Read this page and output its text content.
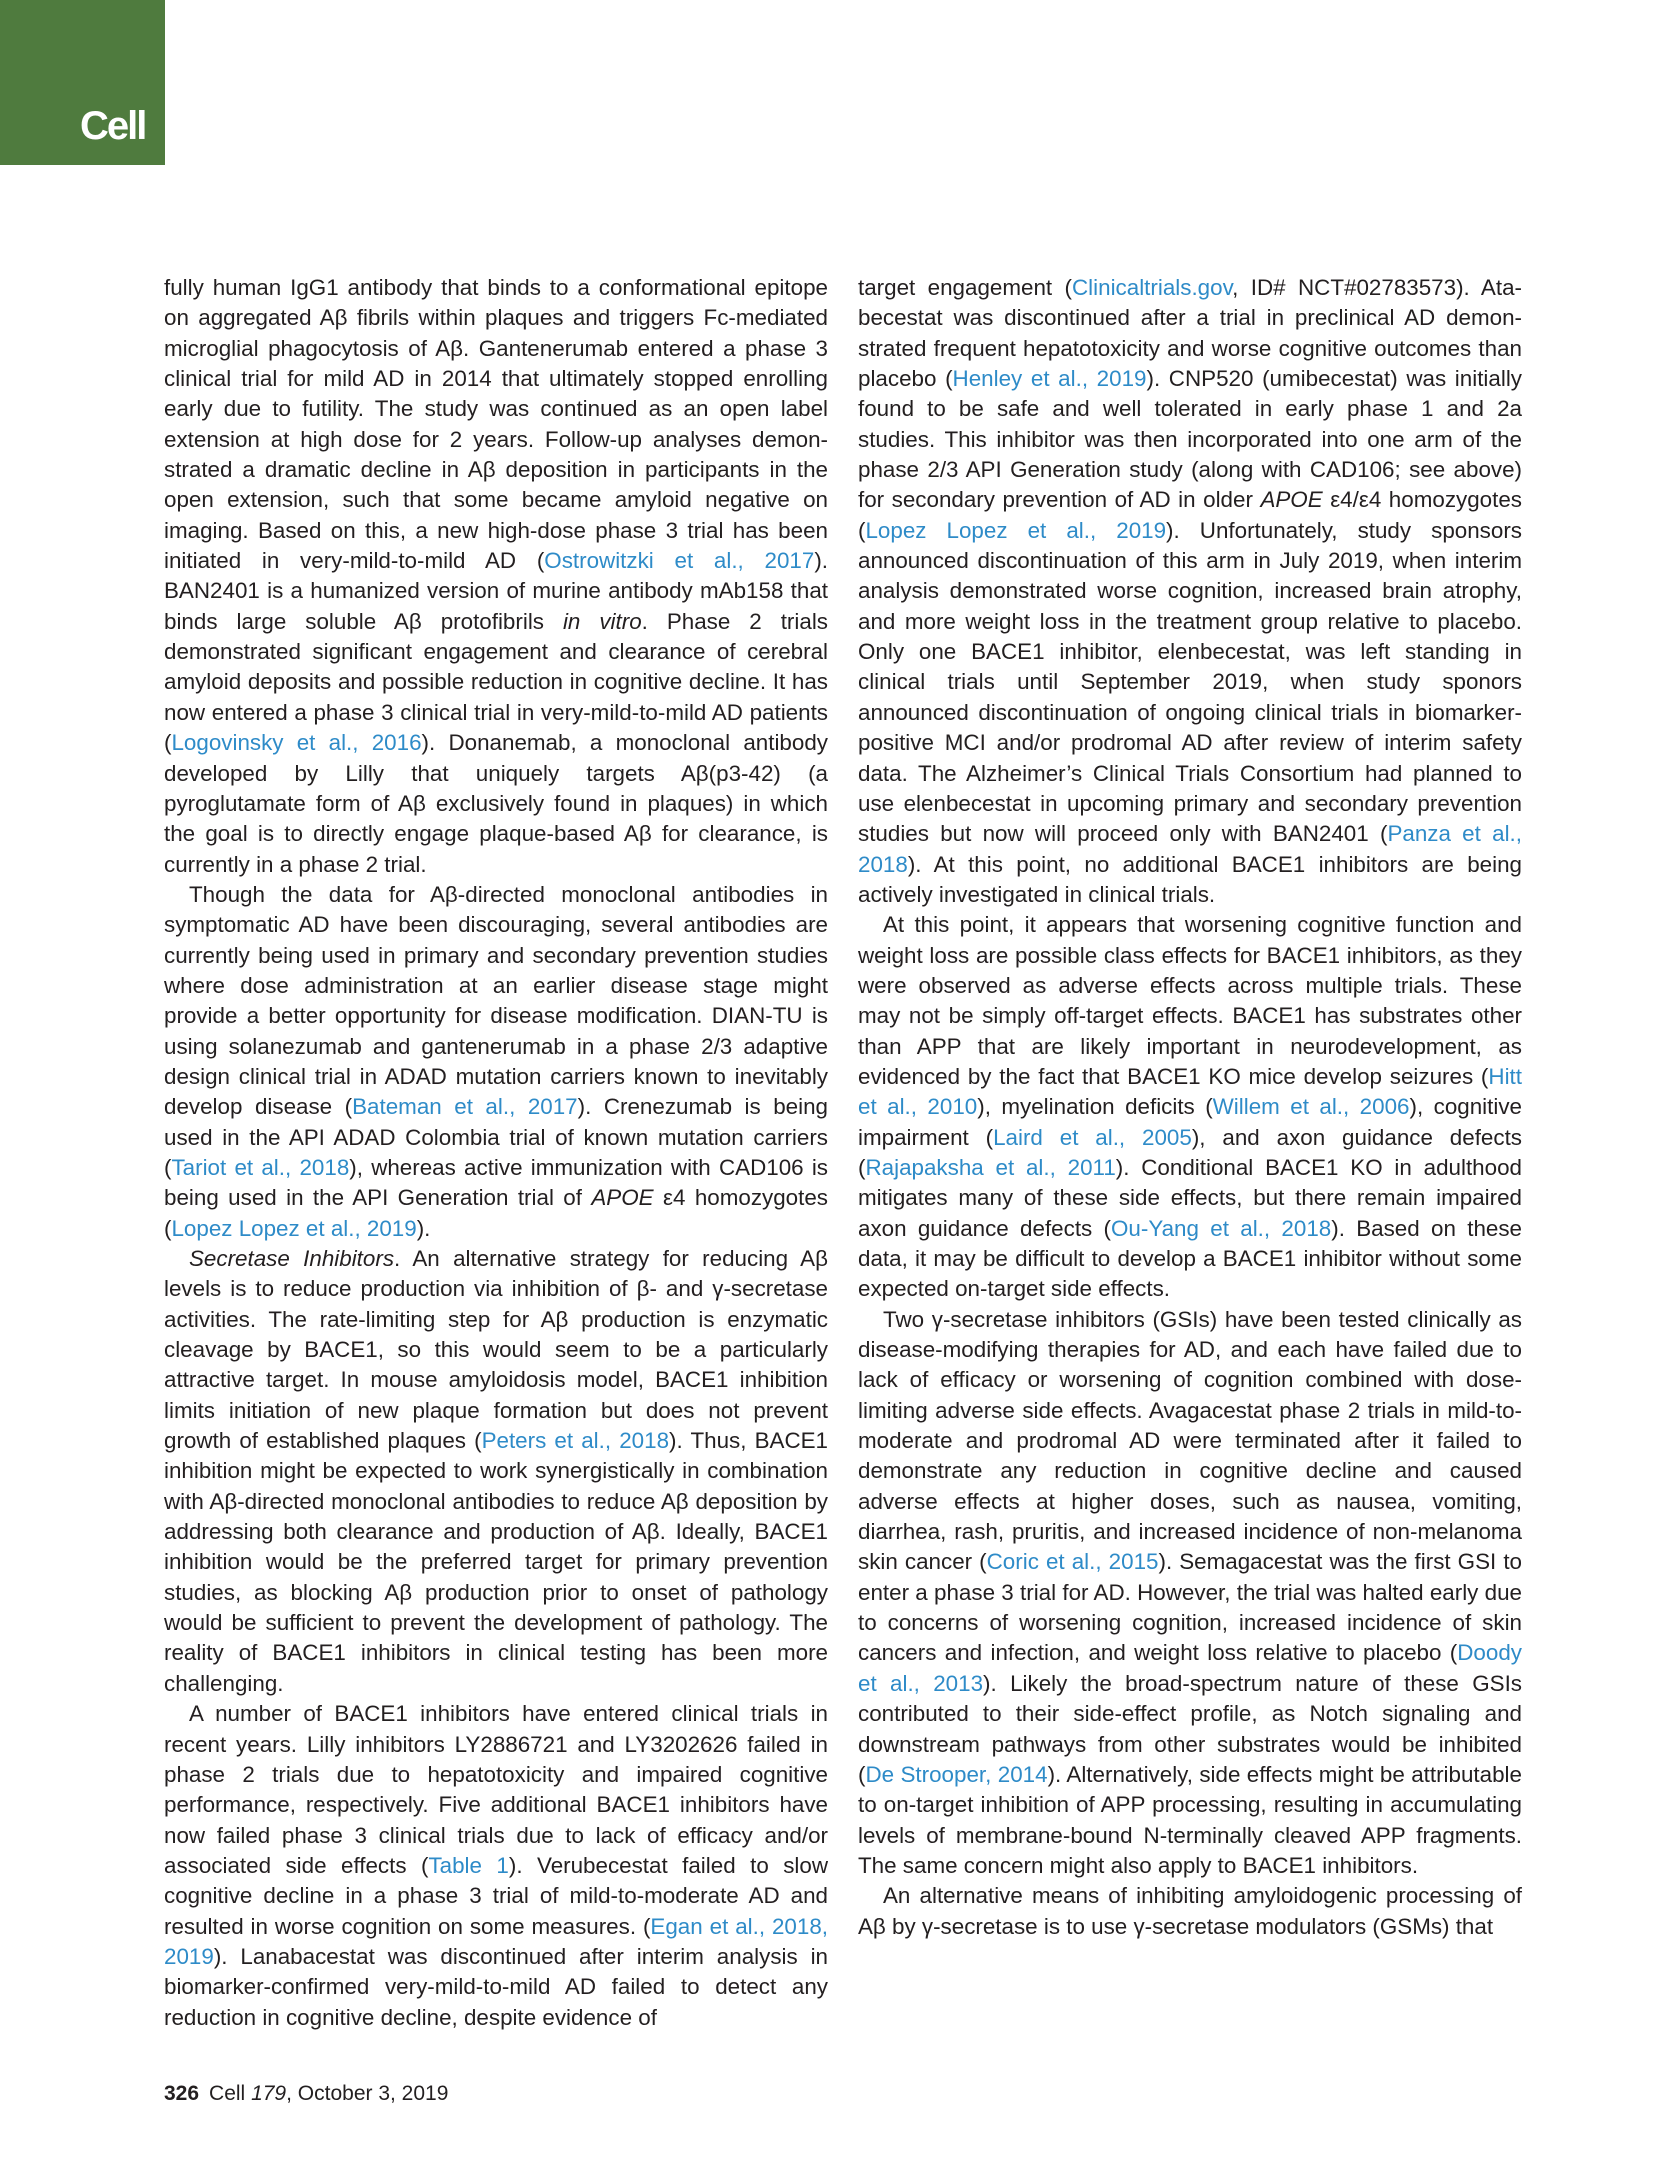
Cell

fully human IgG1 antibody that binds to a conformational epitope on aggregated Aβ fibrils within plaques and triggers Fc-mediated microglial phagocytosis of Aβ. Gantenerumab entered a phase 3 clinical trial for mild AD in 2014 that ultimately stopped enrolling early due to futility. The study was continued as an open label extension at high dose for 2 years. Follow-up analyses demonstrated a dramatic decline in Aβ deposition in participants in the open extension, such that some became amyloid negative on imaging. Based on this, a new high-dose phase 3 trial has been initiated in very-mild-to-mild AD (Ostrowitzki et al., 2017). BAN2401 is a humanized version of murine antibody mAb158 that binds large soluble Aβ protofibrils in vitro. Phase 2 trials demonstrated significant engagement and clearance of cerebral amyloid deposits and possible reduction in cognitive decline. It has now entered a phase 3 clinical trial in very-mild-to-mild AD patients (Logovinsky et al., 2016). Donanemab, a monoclonal antibody developed by Lilly that uniquely targets Aβ(p3-42) (a pyroglutamate form of Aβ exclusively found in plaques) in which the goal is to directly engage plaque-based Aβ for clearance, is currently in a phase 2 trial.

Though the data for Aβ-directed monoclonal antibodies in symptomatic AD have been discouraging, several antibodies are currently being used in primary and secondary prevention studies where dose administration at an earlier disease stage might provide a better opportunity for disease modification. DIAN-TU is using solanezumab and gantenerumab in a phase 2/3 adaptive design clinical trial in ADAD mutation carriers known to inevitably develop disease (Bateman et al., 2017). Crenezumab is being used in the API ADAD Colombia trial of known mutation carriers (Tariot et al., 2018), whereas active immunization with CAD106 is being used in the API Generation trial of APOE ε4 homozygotes (Lopez Lopez et al., 2019).

Secretase Inhibitors. An alternative strategy for reducing Aβ levels is to reduce production via inhibition of β- and γ-secretase activities. The rate-limiting step for Aβ production is enzymatic cleavage by BACE1, so this would seem to be a particularly attractive target. In mouse amyloidosis model, BACE1 inhibition limits initiation of new plaque formation but does not prevent growth of established plaques (Peters et al., 2018). Thus, BACE1 inhibition might be expected to work synergistically in combination with Aβ-directed monoclonal antibodies to reduce Aβ deposition by addressing both clearance and production of Aβ. Ideally, BACE1 inhibition would be the preferred target for primary prevention studies, as blocking Aβ production prior to onset of pathology would be sufficient to prevent the development of pathology. The reality of BACE1 inhibitors in clinical testing has been more challenging.

A number of BACE1 inhibitors have entered clinical trials in recent years. Lilly inhibitors LY2886721 and LY3202626 failed in phase 2 trials due to hepatotoxicity and impaired cognitive performance, respectively. Five additional BACE1 inhibitors have now failed phase 3 clinical trials due to lack of efficacy and/or associated side effects (Table 1). Verubecestat failed to slow cognitive decline in a phase 3 trial of mild-to-moderate AD and resulted in worse cognition on some measures. (Egan et al., 2018, 2019). Lanabacestat was discontinued after interim analysis in biomarker-confirmed very-mild-to-mild AD failed to detect any reduction in cognitive decline, despite evidence of

target engagement (Clinicaltrials.gov, ID# NCT#02783573). Atabecestat was discontinued after a trial in preclinical AD demonstrated frequent hepatotoxicity and worse cognitive outcomes than placebo (Henley et al., 2019). CNP520 (umibecestat) was initially found to be safe and well tolerated in early phase 1 and 2a studies. This inhibitor was then incorporated into one arm of the phase 2/3 API Generation study (along with CAD106; see above) for secondary prevention of AD in older APOE ε4/ε4 homozygotes (Lopez Lopez et al., 2019). Unfortunately, study sponsors announced discontinuation of this arm in July 2019, when interim analysis demonstrated worse cognition, increased brain atrophy, and more weight loss in the treatment group relative to placebo. Only one BACE1 inhibitor, elenbecestat, was left standing in clinical trials until September 2019, when study sponors announced discontinuation of ongoing clinical trials in biomarker-positive MCI and/or prodromal AD after review of interim safety data. The Alzheimer’s Clinical Trials Consortium had planned to use elenbecestat in upcoming primary and secondary prevention studies but now will proceed only with BAN2401 (Panza et al., 2018). At this point, no additional BACE1 inhibitors are being actively investigated in clinical trials.

At this point, it appears that worsening cognitive function and weight loss are possible class effects for BACE1 inhibitors, as they were observed as adverse effects across multiple trials. These may not be simply off-target effects. BACE1 has substrates other than APP that are likely important in neurodevelopment, as evidenced by the fact that BACE1 KO mice develop seizures (Hitt et al., 2010), myelination deficits (Willem et al., 2006), cognitive impairment (Laird et al., 2005), and axon guidance defects (Rajapaksha et al., 2011). Conditional BACE1 KO in adulthood mitigates many of these side effects, but there remain impaired axon guidance defects (Ou-Yang et al., 2018). Based on these data, it may be difficult to develop a BACE1 inhibitor without some expected on-target side effects.

Two γ-secretase inhibitors (GSIs) have been tested clinically as disease-modifying therapies for AD, and each have failed due to lack of efficacy or worsening of cognition combined with dose-limiting adverse side effects. Avagacestat phase 2 trials in mild-to-moderate and prodromal AD were terminated after it failed to demonstrate any reduction in cognitive decline and caused adverse effects at higher doses, such as nausea, vomiting, diarrhea, rash, pruritis, and increased incidence of non-melanoma skin cancer (Coric et al., 2015). Semagacestat was the first GSI to enter a phase 3 trial for AD. However, the trial was halted early due to concerns of worsening cognition, increased incidence of skin cancers and infection, and weight loss relative to placebo (Doody et al., 2013). Likely the broad-spectrum nature of these GSIs contributed to their side-effect profile, as Notch signaling and downstream pathways from other substrates would be inhibited (De Strooper, 2014). Alternatively, side effects might be attributable to on-target inhibition of APP processing, resulting in accumulating levels of membrane-bound N-terminally cleaved APP fragments. The same concern might also apply to BACE1 inhibitors.

An alternative means of inhibiting amyloidogenic processing of Aβ by γ-secretase is to use γ-secretase modulators (GSMs) that

326 Cell 179, October 3, 2019
